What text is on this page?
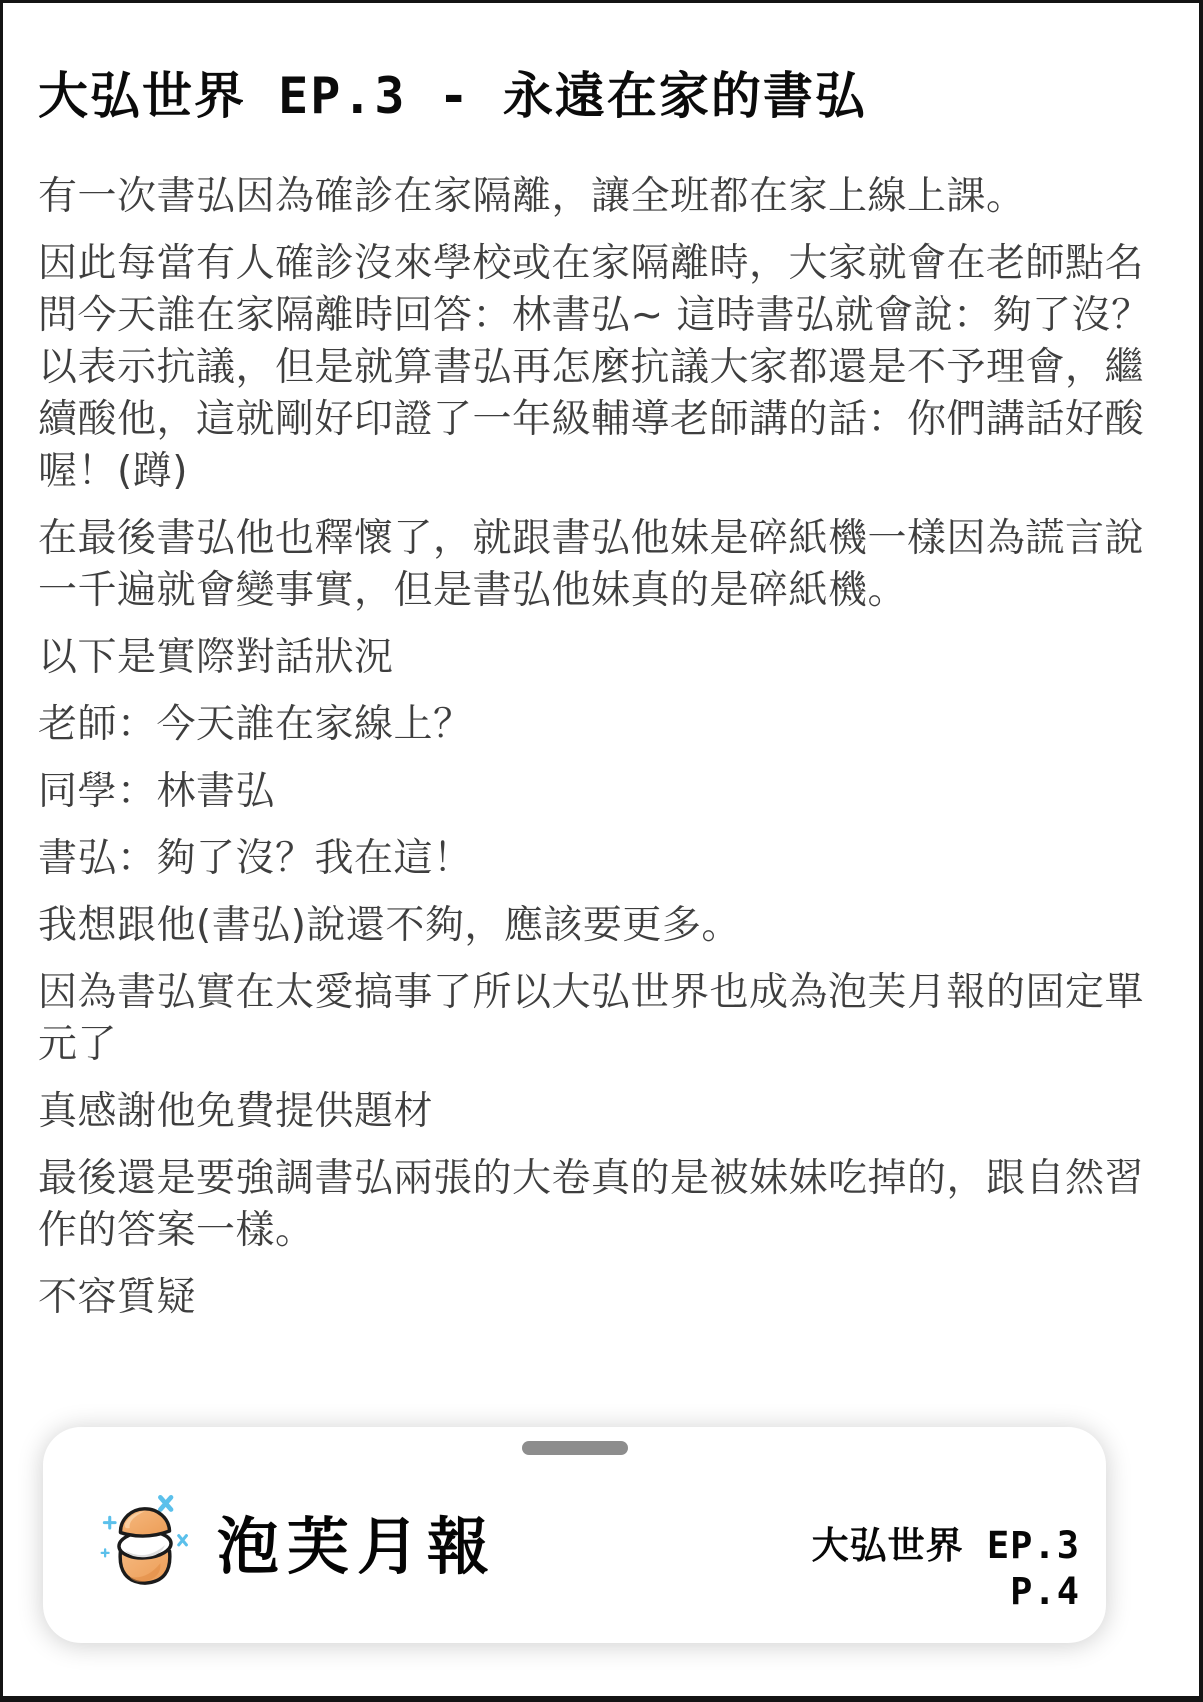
大弘世界 EP.3 - 永遠在家的書弘

有一次書弘因為確診在家隔離，讓全班都在家上線上課。

因此每當有人確診沒來學校或在家隔離時，大家就會在老師點名問今天誰在家隔離時回答：林書弘~ 這時書弘就會說：夠了沒？以表示抗議，但是就算書弘再怎麼抗議大家都還是不予理會，繼續酸他，這就剛好印證了一年級輔導老師講的話：你們講話好酸喔！(蹲)

在最後書弘他也釋懷了，就跟書弘他妹是碎紙機一樣因為謊言說一千遍就會變事實，但是書弘他妹真的是碎紙機。

以下是實際對話狀況

老師：今天誰在家線上？

同學：林書弘

書弘：夠了沒？我在這！

我想跟他(書弘)說還不夠，應該要更多。

因為書弘實在太愛搞事了所以大弘世界也成為泡芙月報的固定單元了

真感謝他免費提供題材

最後還是要強調書弘兩張的大卷真的是被妹妹吃掉的，跟自然習作的答案一樣。

不容質疑

泡芙月報	大弘世界 EP.3
P.4
